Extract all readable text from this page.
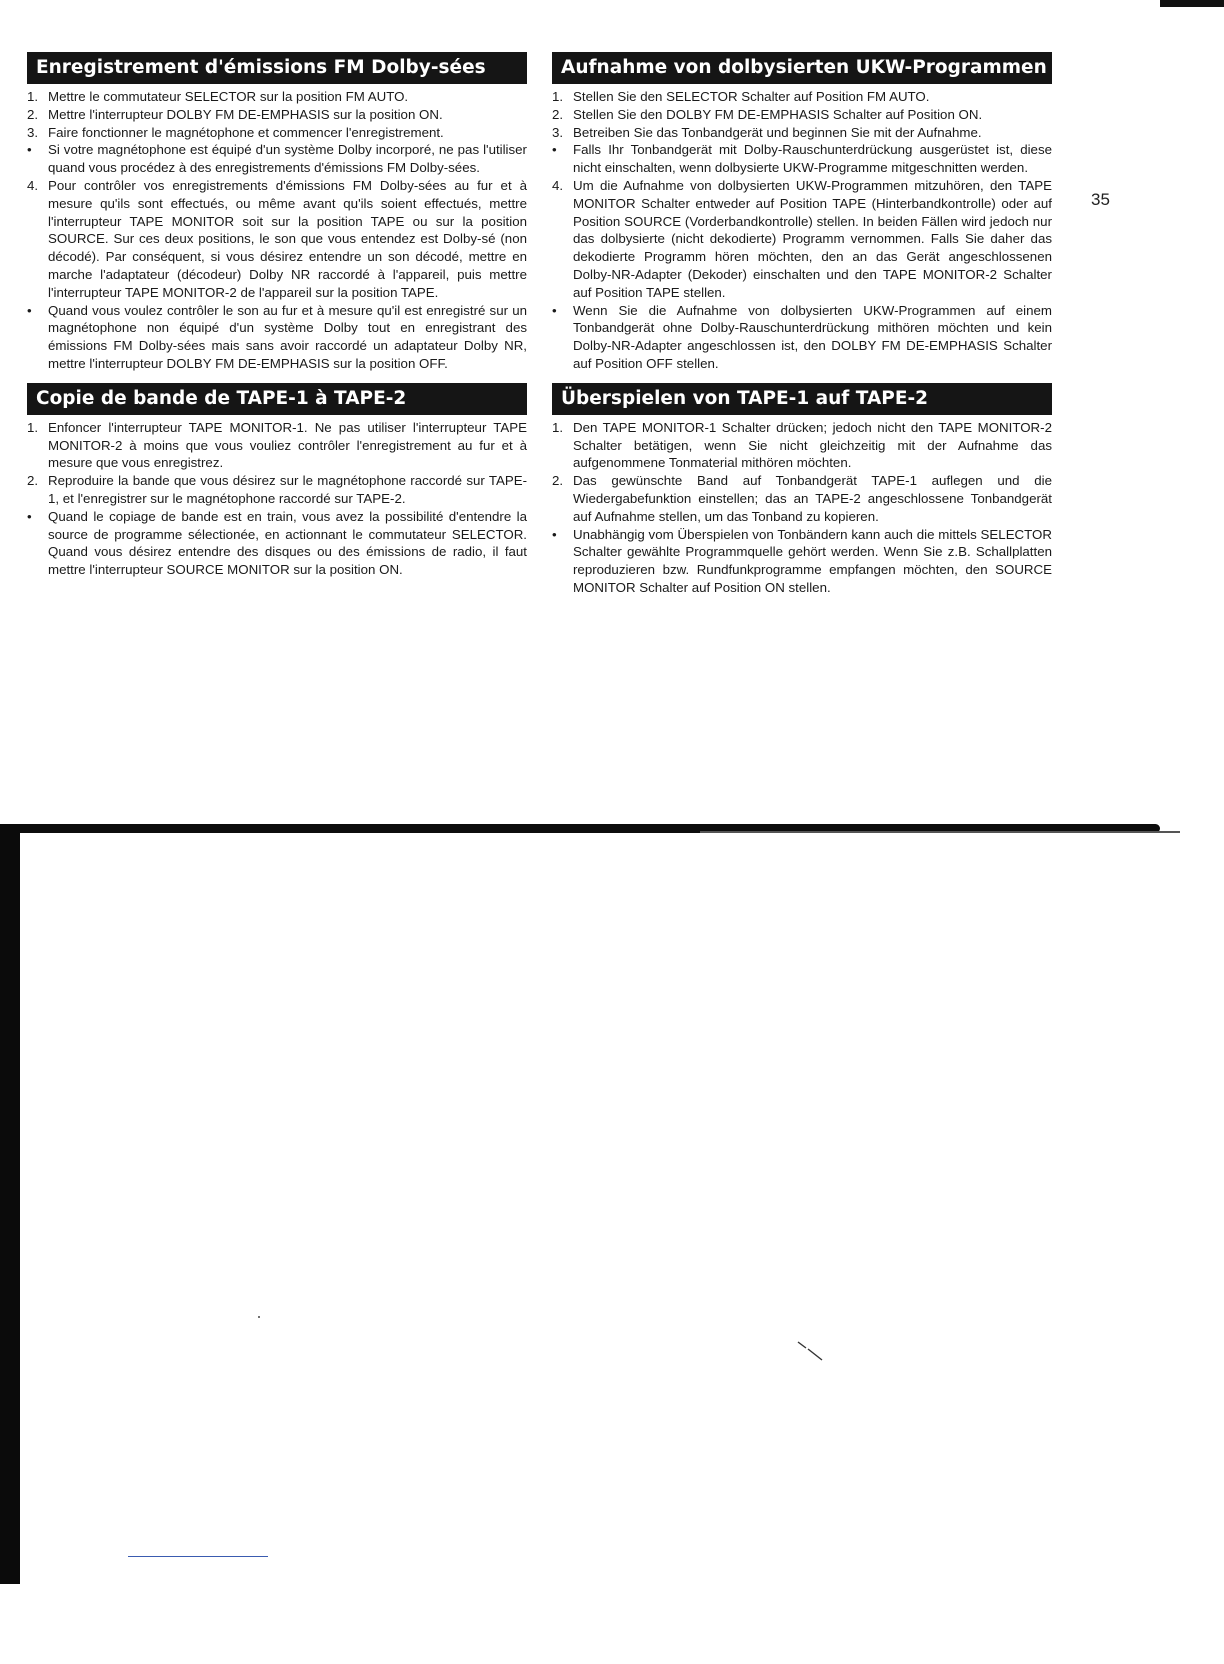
Enregistrement d'émissions FM Dolby-sées
1. Mettre le commutateur SELECTOR sur la position FM AUTO.
2. Mettre l'interrupteur DOLBY FM DE-EMPHASIS sur la position ON.
3. Faire fonctionner le magnétophone et commencer l'enregistrement.
•	Si votre magnétophone est équipé d'un système Dolby incorporé, ne pas l'utiliser quand vous procédez à des enregistrements d'émissions FM Dolby-sées.
4. Pour contrôler vos enregistrements d'émissions FM Dolby-sées au fur et à mesure qu'ils sont effectués, ou même avant qu'ils soient effectués, mettre l'interrupteur TAPE MONITOR soit sur la position TAPE ou sur la position SOURCE. Sur ces deux positions, le son que vous entendez est Dolby-sé (non décodé). Par conséquent, si vous désirez entendre un son décodé, mettre en marche l'adaptateur (décodeur) Dolby NR raccordé à l'appareil, puis mettre l'interrupteur TAPE MONITOR-2 de l'appareil sur la position TAPE.
•	Quand vous voulez contrôler le son au fur et à mesure qu'il est enregistré sur un magnétophone non équipé d'un système Dolby tout en enregistrant des émissions FM Dolby-sées mais sans avoir raccordé un adaptateur Dolby NR, mettre l'interrupteur DOLBY FM DE-EMPHASIS sur la position OFF.
Copie de bande de TAPE-1 à TAPE-2
1. Enfoncer l'interrupteur TAPE MONITOR-1. Ne pas utiliser l'interrupteur TAPE MONITOR-2 à moins que vous vouliez contrôler l'enregistrement au fur et à mesure que vous enregistrez.
2. Reproduire la bande que vous désirez sur le magnétophone raccordé sur TAPE-1, et l'enregistrer sur le magnétophone raccordé sur TAPE-2.
•	Quand le copiage de bande est en train, vous avez la possibilité d'entendre la source de programme sélectionée, en actionnant le commutateur SELECTOR. Quand vous désirez entendre des disques ou des émissions de radio, il faut mettre l'interrupteur SOURCE MONITOR sur la position ON.
Aufnahme von dolbysierten UKW-Programmen
1. Stellen Sie den SELECTOR Schalter auf Position FM AUTO.
2. Stellen Sie den DOLBY FM DE-EMPHASIS Schalter auf Position ON.
3. Betreiben Sie das Tonbandgerät und beginnen Sie mit der Aufnahme.
•	Falls Ihr Tonbandgerät mit Dolby-Rauschunterdrückung ausgerüstet ist, diese nicht einschalten, wenn dolbysierte UKW-Programme mitgeschnitten werden.
4. Um die Aufnahme von dolbysierten UKW-Programmen mitzuhören, den TAPE MONITOR Schalter entweder auf Position TAPE (Hinterbandkontrolle) oder auf Position SOURCE (Vorderbandkontrolle) stellen. In beiden Fällen wird jedoch nur das dolbysierte (nicht dekodierte) Programm vernommen. Falls Sie daher das dekodierte Programm hören möchten, den an das Gerät angeschlossenen Dolby-NR-Adapter (Dekoder) einschalten und den TAPE MONITOR-2 Schalter auf Position TAPE stellen.
•	Wenn Sie die Aufnahme von dolbysierten UKW-Programmen auf einem Tonbandgerät ohne Dolby-Rauschunterdrückung mithören möchten und kein Dolby-NR-Adapter angeschlossen ist, den DOLBY FM DE-EMPHASIS Schalter auf Position OFF stellen.
Überspielen von TAPE-1 auf TAPE-2
1. Den TAPE MONITOR-1 Schalter drücken; jedoch nicht den TAPE MONITOR-2 Schalter betätigen, wenn Sie nicht gleichzeitig mit der Aufnahme das aufgenommene Tonmaterial mithören möchten.
2. Das gewünschte Band auf Tonbandgerät TAPE-1 auflegen und die Wiedergabefunktion einstellen; das an TAPE-2 angeschlossene Tonbandgerät auf Aufnahme stellen, um das Tonband zu kopieren.
•	Unabhängig vom Überspielen von Tonbändern kann auch die mittels SELECTOR Schalter gewählte Programmquelle gehört werden. Wenn Sie z.B. Schallplatten reproduzieren bzw. Rundfunkprogramme empfangen möchten, den SOURCE MONITOR Schalter auf Position ON stellen.
35
